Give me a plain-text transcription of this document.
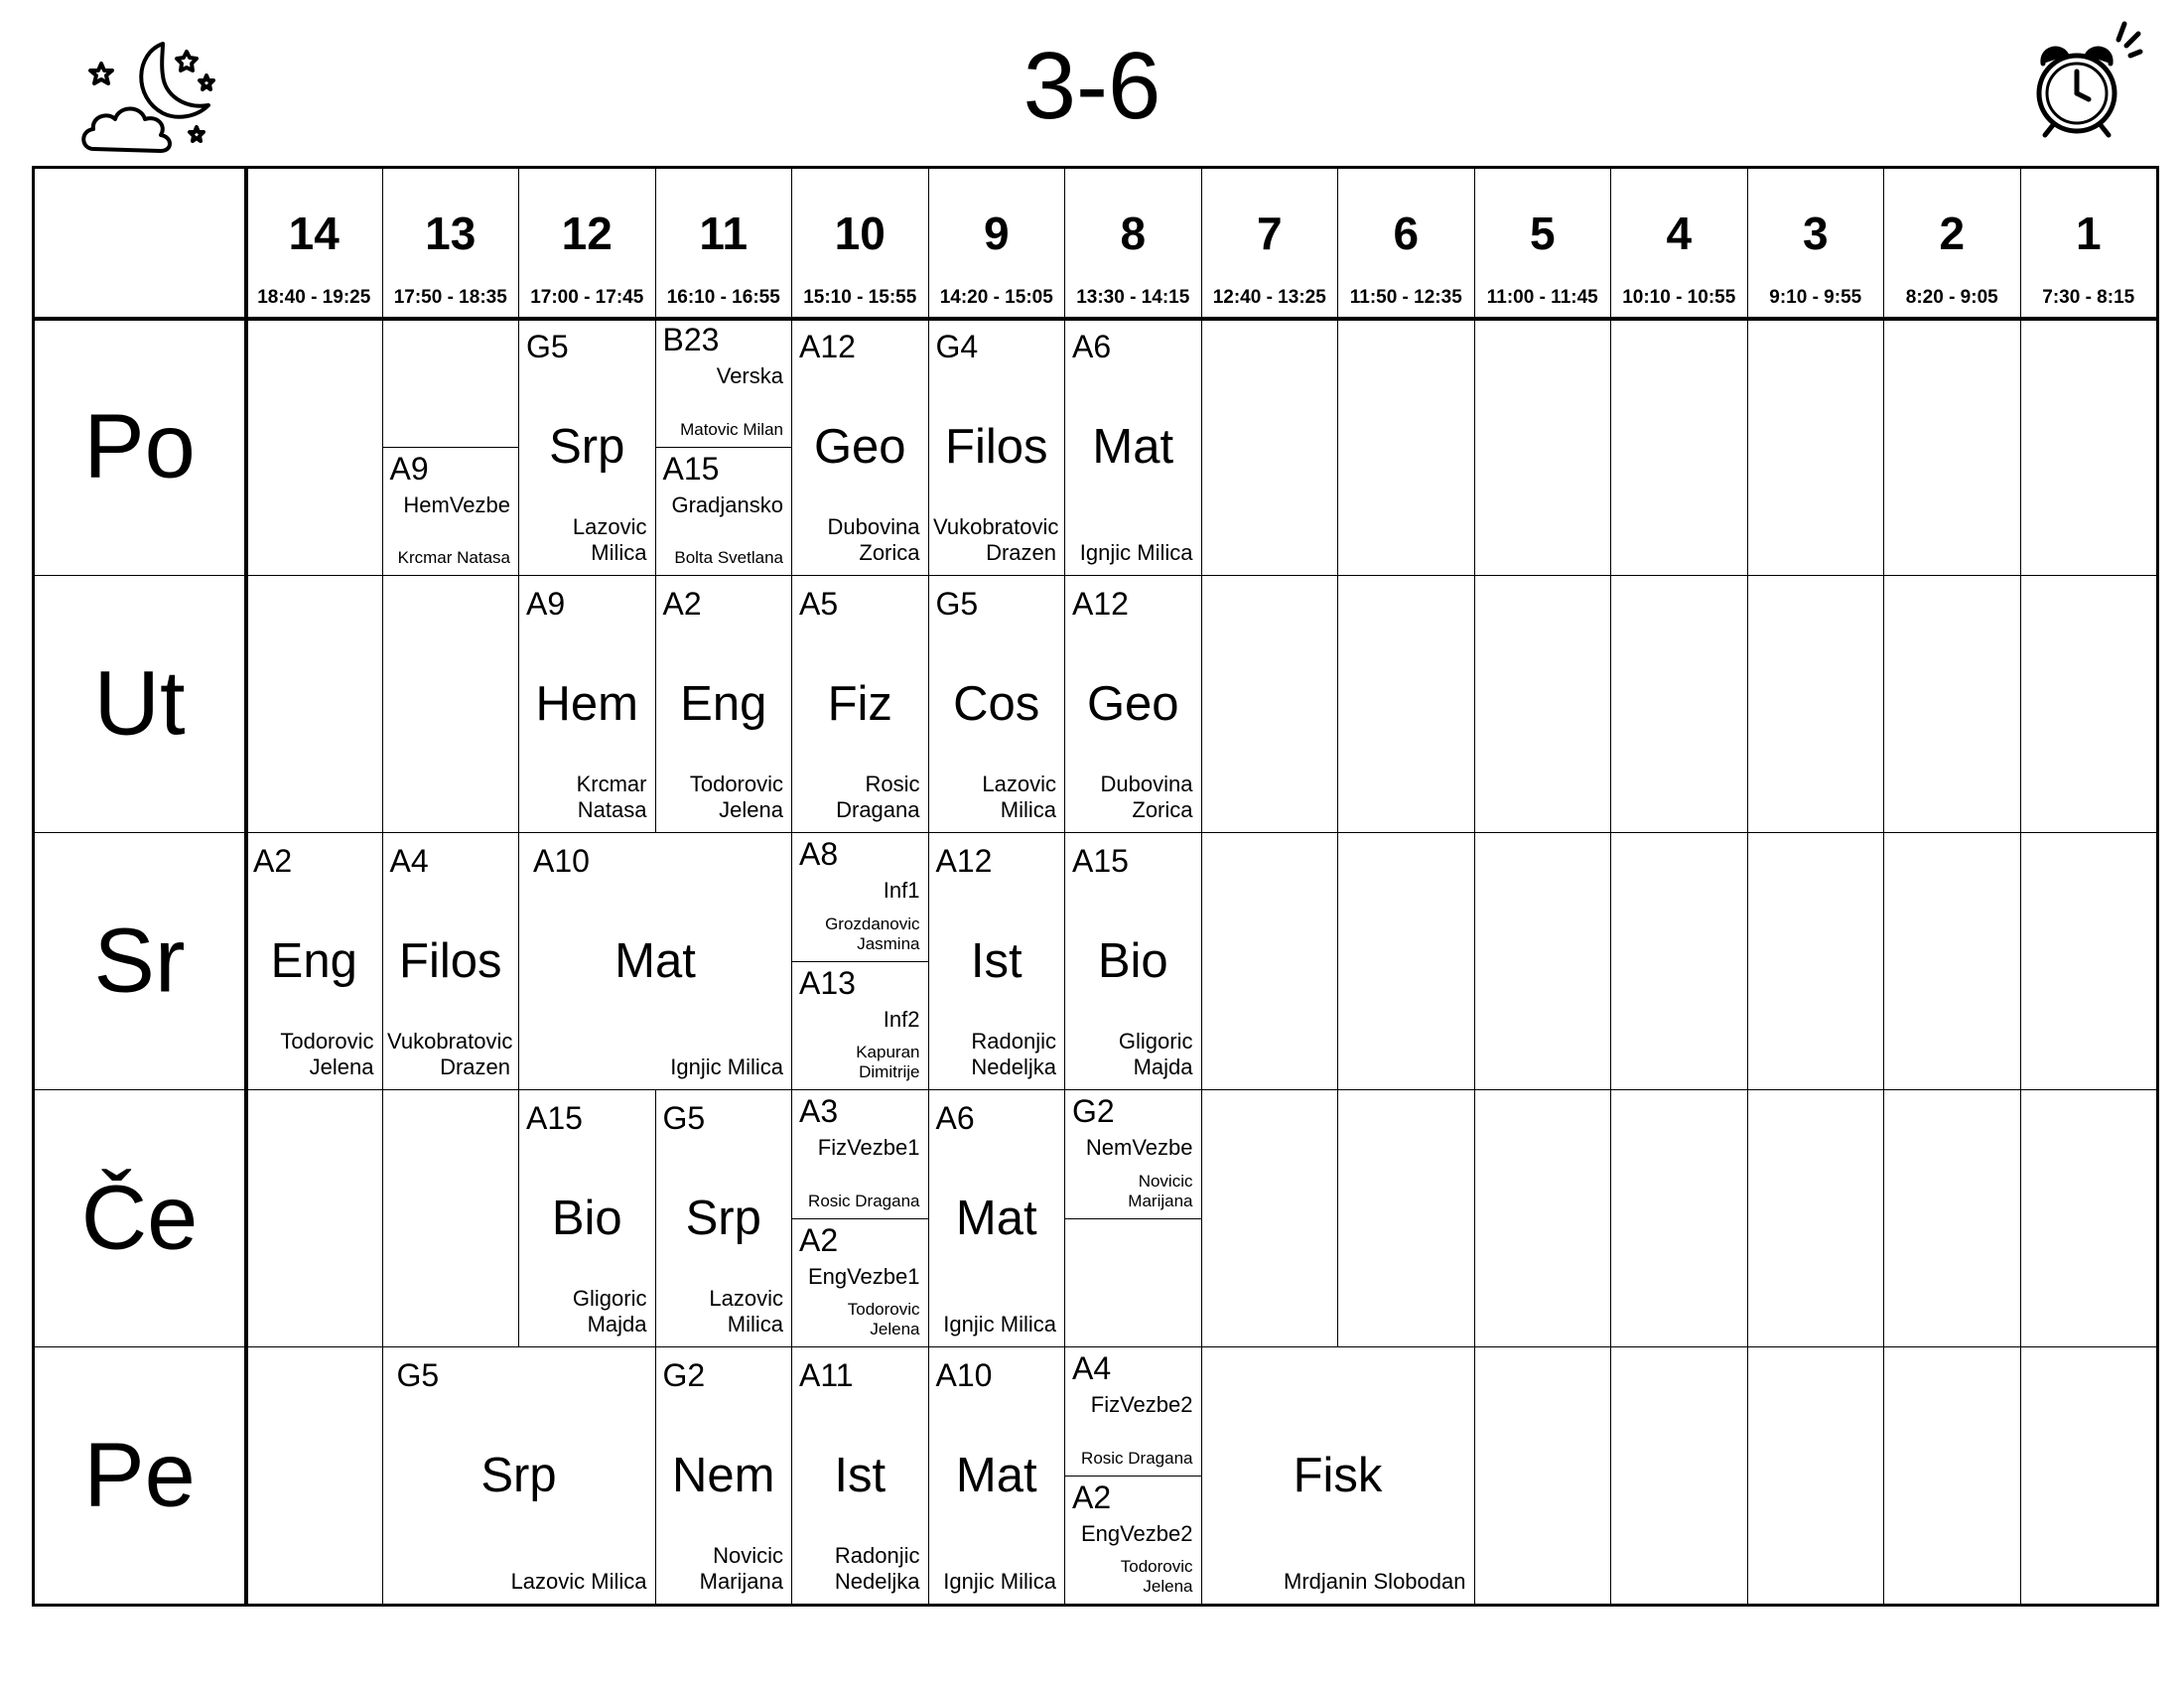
3-6
14
18:40 - 19:25
13
17:50 - 18:35
12
17:00 - 17:45
11
16:10 - 16:55
10
15:10 - 15:55
9
14:20 - 15:05
8
13:30 - 14:15
7
12:40 - 13:25
6
11:50 - 12:35
5
11:00 - 11:45
4
10:10 - 10:55
3
9:10 - 9:55
2
8:20 - 9:05
1
7:30 - 8:15
Po
Ut
Sr
Če
Pe
G5
Srp
Lazovic Milica
A12
Geo
Dubovina Zorica
G4
Filos
Vukobratovic Drazen
A6
Mat
Ignjic Milica
A9
Hem
Krcmar Natasa
A2
Eng
Todorovic Jelena
A5
Fiz
Rosic Dragana
G5
Cos
Lazovic Milica
A12
Geo
Dubovina Zorica
A2
Eng
Todorovic Jelena
A4
Filos
Vukobratovic Drazen
A10
Mat
Ignjic Milica
A12
Ist
Radonjic Nedeljka
A15
Bio
Gligoric Majda
A15
Bio
Gligoric Majda
G5
Srp
Lazovic Milica
A6
Mat
Ignjic Milica
G5
Srp
Lazovic Milica
G2
Nem
Novicic Marijana
A11
Ist
Radonjic Nedeljka
A10
Mat
Ignjic Milica
Fisk
Mrdjanin Slobodan
A9
HemVezbe
Krcmar Natasa
B23
Verska
Matovic Milan
A15
Gradjansko
Bolta Svetlana
A8
Inf1
Grozdanovic Jasmina
A13
Inf2
Kapuran Dimitrije
A3
FizVezbe1
Rosic Dragana
A2
EngVezbe1
Todorovic Jelena
G2
NemVezbe
Novicic Marijana
A4
FizVezbe2
Rosic Dragana
A2
EngVezbe2
Todorovic Jelena
